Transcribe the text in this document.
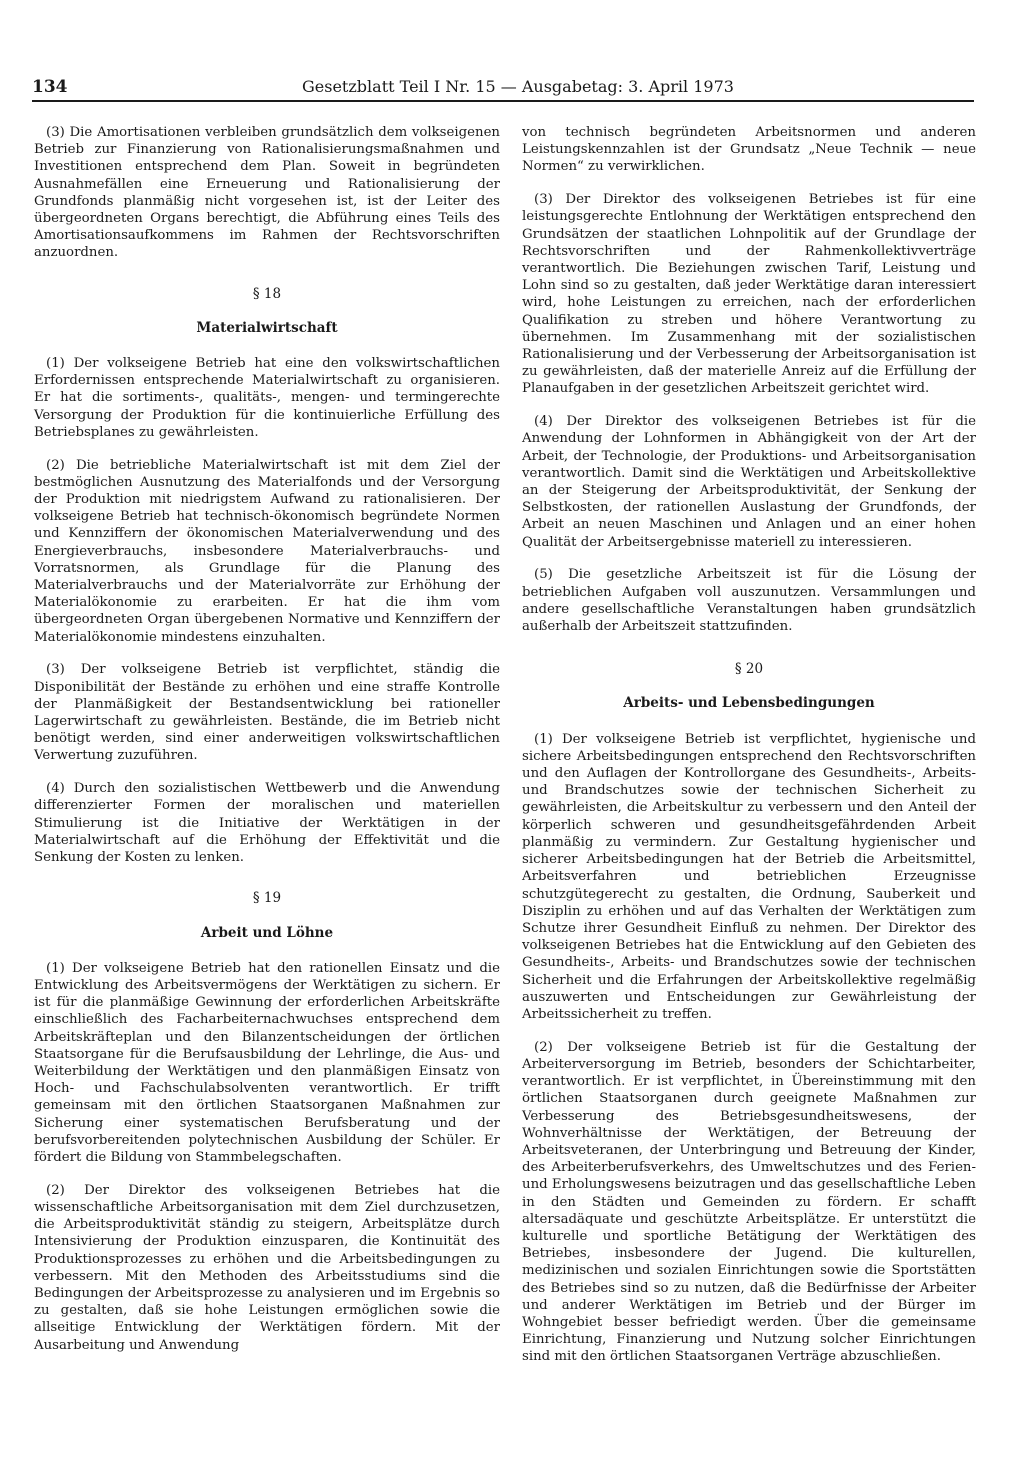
134	Gesetzblatt Teil I Nr. 15 — Ausgabetag: 3. April 1973

(3) Die Amortisationen verbleiben grundsätzlich dem volkseigenen Betrieb zur Finanzierung von Rationalisierungsmaßnahmen und Investitionen entsprechend dem Plan. Soweit in begründeten Ausnahmefällen eine Erneuerung und Rationalisierung der Grundfonds planmäßig nicht vorgesehen ist, ist der Leiter des übergeordneten Organs berechtigt, die Abführung eines Teils des Amortisationsaufkommens im Rahmen der Rechtsvorschriften anzuordnen.

§ 18
Materialwirtschaft

(1) Der volkseigene Betrieb hat eine den volkswirtschaftlichen Erfordernissen entsprechende Materialwirtschaft zu organisieren. Er hat die sortiments-, qualitäts-, mengen- und termingerechte Versorgung der Produktion für die kontinuierliche Erfüllung des Betriebsplanes zu gewährleisten.

(2) Die betriebliche Materialwirtschaft ist mit dem Ziel der bestmöglichen Ausnutzung des Materialfonds und der Versorgung der Produktion mit niedrigstem Aufwand zu rationalisieren. Der volkseigene Betrieb hat technisch-ökonomisch begründete Normen und Kennziffern der ökonomischen Materialverwendung und des Energieverbrauchs, insbesondere Materialverbrauchs- und Vorratsnormen, als Grundlage für die Planung des Materialverbrauchs und der Materialvorräte zur Erhöhung der Materialökonomie zu erarbeiten. Er hat die ihm vom übergeordneten Organ übergebenen Normative und Kennziffern der Materialökonomie mindestens einzuhalten.

(3) Der volkseigene Betrieb ist verpflichtet, ständig die Disponibilität der Bestände zu erhöhen und eine straffe Kontrolle der Planmäßigkeit der Bestandsentwicklung bei rationeller Lagerwirtschaft zu gewährleisten. Bestände, die im Betrieb nicht benötigt werden, sind einer anderweitigen volkswirtschaftlichen Verwertung zuzuführen.

(4) Durch den sozialistischen Wettbewerb und die Anwendung differenzierter Formen der moralischen und materiellen Stimulierung ist die Initiative der Werktätigen in der Materialwirtschaft auf die Erhöhung der Effektivität und die Senkung der Kosten zu lenken.

§ 19
Arbeit und Löhne

(1) Der volkseigene Betrieb hat den rationellen Einsatz und die Entwicklung des Arbeitsvermögens der Werktätigen zu sichern. Er ist für die planmäßige Gewinnung der erforderlichen Arbeitskräfte einschließlich des Facharbeiternachwuchses entsprechend dem Arbeitskräfteplan und den Bilanzentscheidungen der örtlichen Staatsorgane für die Berufsausbildung der Lehrlinge, die Aus- und Weiterbildung der Werktätigen und den planmäßigen Einsatz von Hoch- und Fachschulabsolventen verantwortlich. Er trifft gemeinsam mit den örtlichen Staatsorganen Maßnahmen zur Sicherung einer systematischen Berufsberatung und der berufsvorbereitenden polytechnischen Ausbildung der Schüler. Er fördert die Bildung von Stammbelegschaften.

(2) Der Direktor des volkseigenen Betriebes hat die wissenschaftliche Arbeitsorganisation mit dem Ziel durchzusetzen, die Arbeitsproduktivität ständig zu steigern, Arbeitsplätze durch Intensivierung der Produktion einzusparen, die Kontinuität des Produktionsprozesses zu erhöhen und die Arbeitsbedingungen zu verbessern. Mit den Methoden des Arbeitsstudiums sind die Bedingungen der Arbeitsprozesse zu analysieren und im Ergebnis so zu gestalten, daß sie hohe Leistungen ermöglichen sowie die allseitige Entwicklung der Werktätigen fördern. Mit der Ausarbeitung und Anwendung

von technisch begründeten Arbeitsnormen und anderen Leistungskennzahlen ist der Grundsatz „Neue Technik — neue Normen“ zu verwirklichen.

(3) Der Direktor des volkseigenen Betriebes ist für eine leistungsgerechte Entlohnung der Werktätigen entsprechend den Grundsätzen der staatlichen Lohnpolitik auf der Grundlage der Rechtsvorschriften und der Rahmenkollektivverträge verantwortlich. Die Beziehungen zwischen Tarif, Leistung und Lohn sind so zu gestalten, daß jeder Werktätige daran interessiert wird, hohe Leistungen zu erreichen, nach der erforderlichen Qualifikation zu streben und höhere Verantwortung zu übernehmen. Im Zusammenhang mit der sozialistischen Rationalisierung und der Verbesserung der Arbeitsorganisation ist zu gewährleisten, daß der materielle Anreiz auf die Erfüllung der Planaufgaben in der gesetzlichen Arbeitszeit gerichtet wird.

(4) Der Direktor des volkseigenen Betriebes ist für die Anwendung der Lohnformen in Abhängigkeit von der Art der Arbeit, der Technologie, der Produktions- und Arbeitsorganisation verantwortlich. Damit sind die Werktätigen und Arbeitskollektive an der Steigerung der Arbeitsproduktivität, der Senkung der Selbstkosten, der rationellen Auslastung der Grundfonds, der Arbeit an neuen Maschinen und Anlagen und an einer hohen Qualität der Arbeitsergebnisse materiell zu interessieren.

(5) Die gesetzliche Arbeitszeit ist für die Lösung der betrieblichen Aufgaben voll auszunutzen. Versammlungen und andere gesellschaftliche Veranstaltungen haben grundsätzlich außerhalb der Arbeitszeit stattzufinden.

§ 20
Arbeits- und Lebensbedingungen

(1) Der volkseigene Betrieb ist verpflichtet, hygienische und sichere Arbeitsbedingungen entsprechend den Rechtsvorschriften und den Auflagen der Kontrollorgane des Gesundheits-, Arbeits- und Brandschutzes sowie der technischen Sicherheit zu gewährleisten, die Arbeitskultur zu verbessern und den Anteil der körperlich schweren und gesundheitsgefährdenden Arbeit planmäßig zu vermindern. Zur Gestaltung hygienischer und sicherer Arbeitsbedingungen hat der Betrieb die Arbeitsmittel, Arbeitsverfahren und betrieblichen Erzeugnisse schutzgütegerecht zu gestalten, die Ordnung, Sauberkeit und Disziplin zu erhöhen und auf das Verhalten der Werktätigen zum Schutze ihrer Gesundheit Einfluß zu nehmen. Der Direktor des volkseigenen Betriebes hat die Entwicklung auf den Gebieten des Gesundheits-, Arbeits- und Brandschutzes sowie der technischen Sicherheit und die Erfahrungen der Arbeitskollektive regelmäßig auszuwerten und Entscheidungen zur Gewährleistung der Arbeitssicherheit zu treffen.

(2) Der volkseigene Betrieb ist für die Gestaltung der Arbeiterversorgung im Betrieb, besonders der Schichtarbeiter, verantwortlich. Er ist verpflichtet, in Übereinstimmung mit den örtlichen Staatsorganen durch geeignete Maßnahmen zur Verbesserung des Betriebsgesundheitswesens, der Wohnverhältnisse der Werktätigen, der Betreuung der Arbeitsveteranen, der Unterbringung und Betreuung der Kinder, des Arbeiterberufsverkehrs, des Umweltschutzes und des Ferien- und Erholungswesens beizutragen und das gesellschaftliche Leben in den Städten und Gemeinden zu fördern. Er schafft altersadäquate und geschützte Arbeitsplätze. Er unterstützt die kulturelle und sportliche Betätigung der Werktätigen des Betriebes, insbesondere der Jugend. Die kulturellen, medizinischen und sozialen Einrichtungen sowie die Sportstätten des Betriebes sind so zu nutzen, daß die Bedürfnisse der Arbeiter und anderer Werktätigen im Betrieb und der Bürger im Wohngebiet besser befriedigt werden. Über die gemeinsame Einrichtung, Finanzierung und Nutzung solcher Einrichtungen sind mit den örtlichen Staatsorganen Verträge abzuschließen.
